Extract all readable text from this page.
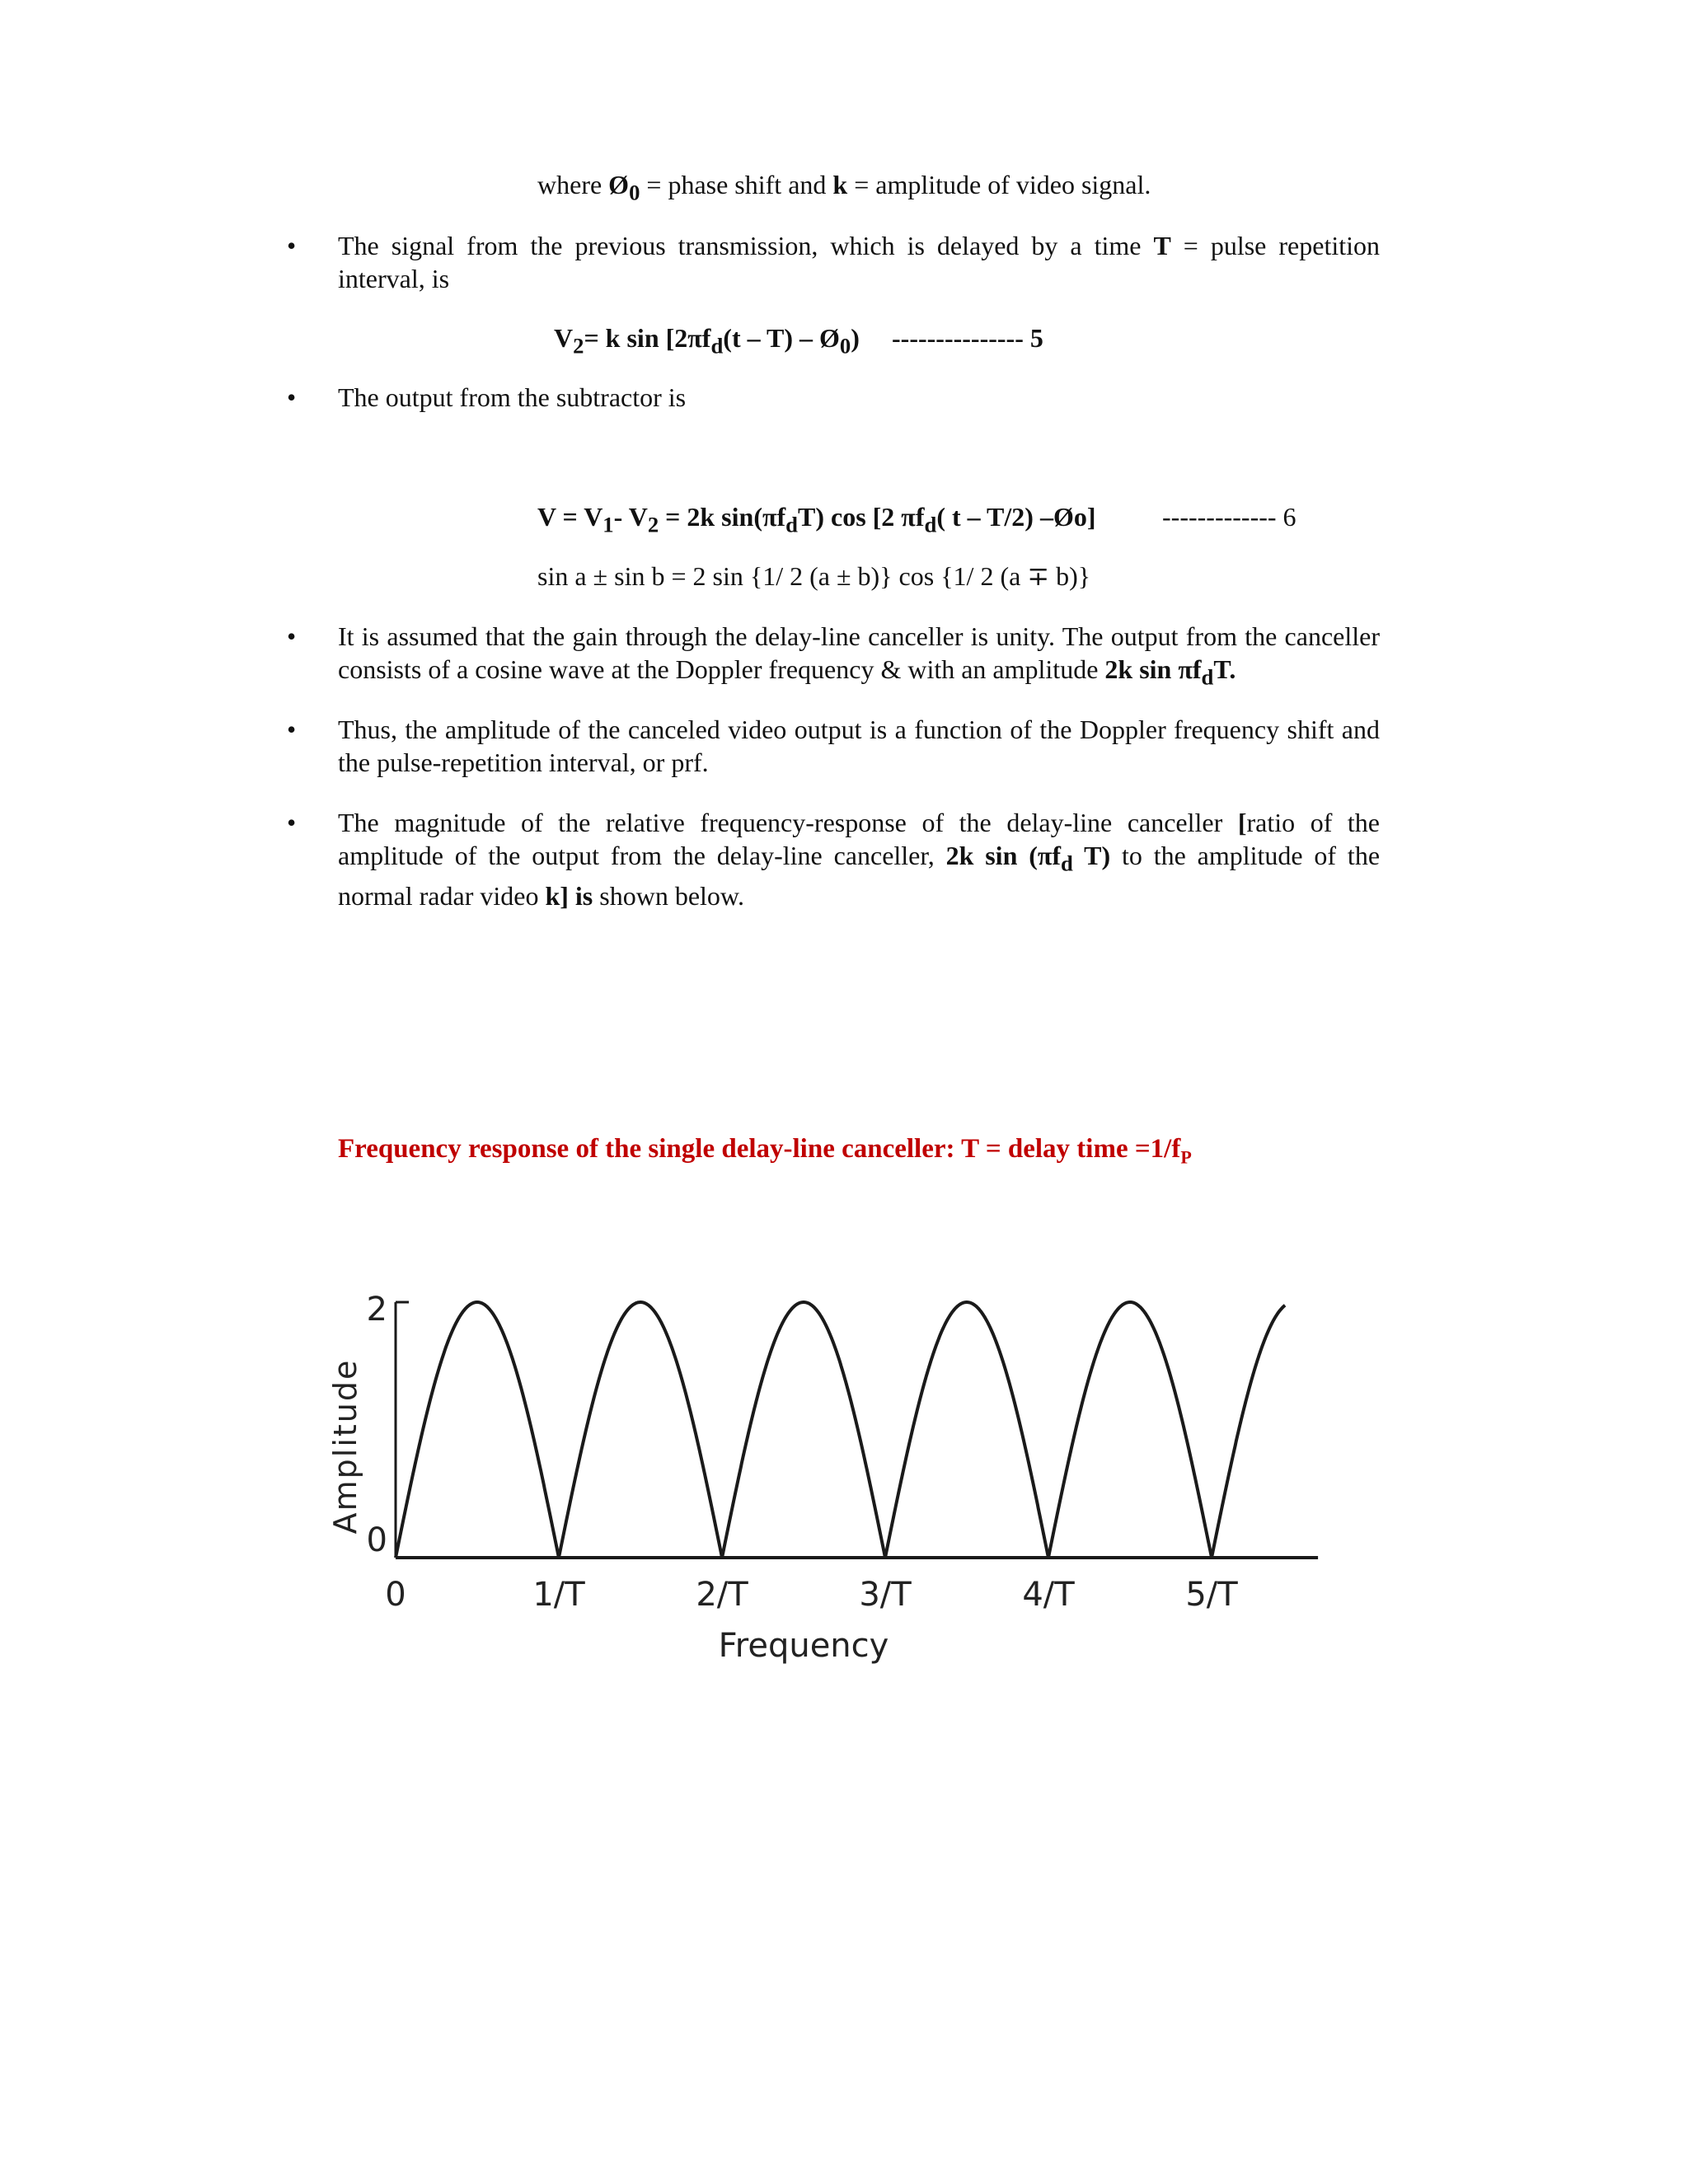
where $Ø_0$ = phase shift and k = amplitude of video signal.
• The signal from the previous transmission, which is delayed by a time T = pulse repetition interval, is
$V_2= k$ $\sin [2\pi f_d(t - T)$ – $Ø_0$) --------------- 5
• The output from the subtractor is
$V = V_1-$ $V_2 = 2k$ $\sin(\pi f_dT)$ cos [2 $\pi f_d$( t – T/2) –Øo]	------------- 6
sin a ± sin b = 2 sin {1/ 2 (a ± b)} cos {1/ 2 (a ∓ b)}
• It is assumed that the gain through the delay-line canceller is unity. The output from the canceller consists of a cosine wave at the Doppler frequency & with an amplitude 2k $\sin \pi f_dT$.
• Thus, the amplitude of the canceled video output is a function of the Doppler frequency shift and the pulse-repetition interval, or prf.
• The magnitude of the relative frequency-response of the delay-line canceller [ratio of the amplitude of the output from the delay-line canceller, 2k $\sin (\pi f_d$ T) to the amplitude of the normal radar video k] is shown below.
Frequency response of the single delay-line canceller: T = delay time $=1/f_P$
0
2
0	1/T	2/T	3/T	4/T	5/T
Frequency
Amplitude
